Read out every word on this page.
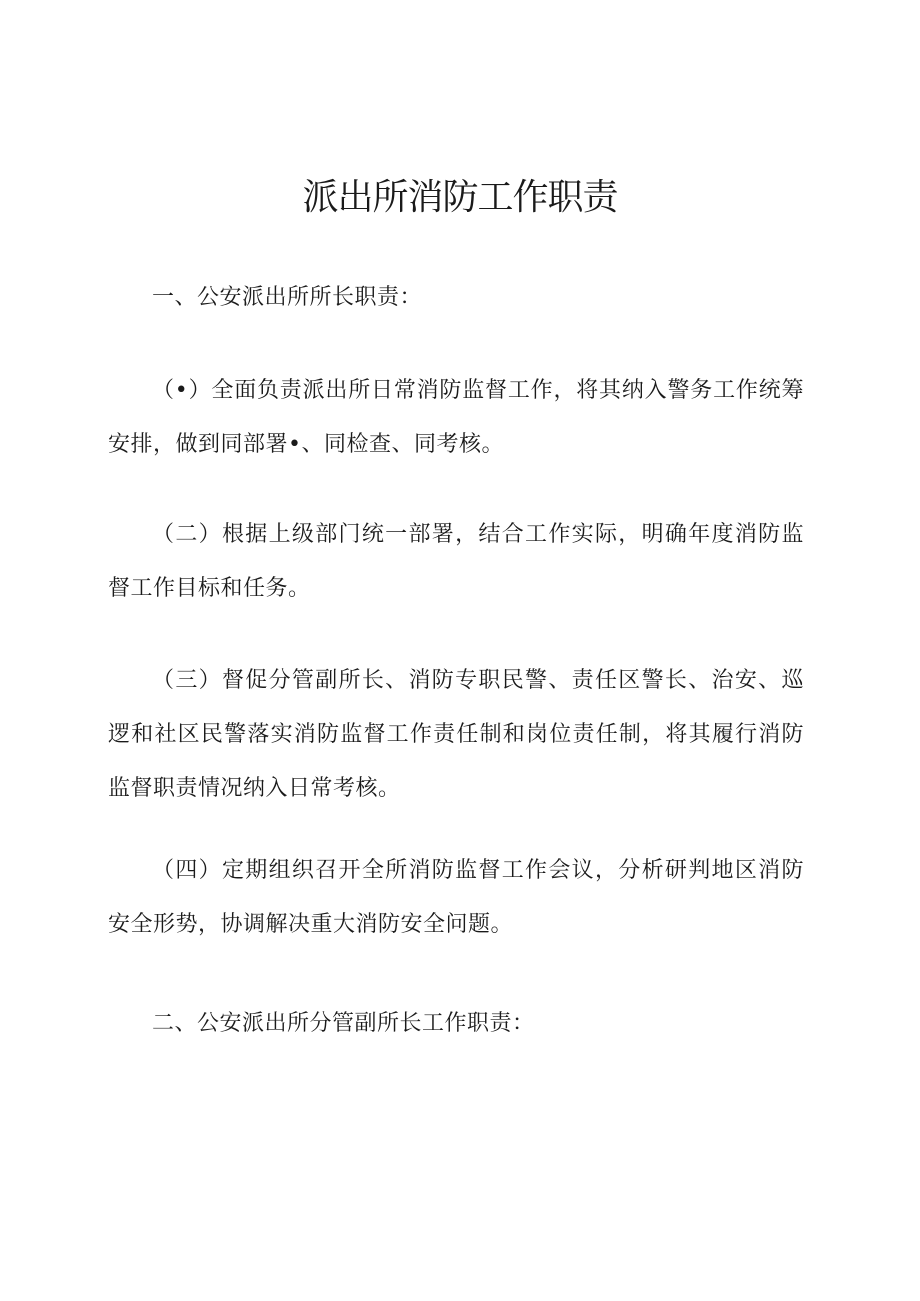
派出所消防工作职责

一、公安派出所所长职责：

（•）全面负责派出所日常消防监督工作，将其纳入警务工作统筹安排，做到同部署•、同检查、同考核。

（二）根据上级部门统一部署，结合工作实际，明确年度消防监督工作目标和任务。

（三）督促分管副所长、消防专职民警、责任区警长、治安、巡逻和社区民警落实消防监督工作责任制和岗位责任制，将其履行消防监督职责情况纳入日常考核。

（四）定期组织召开全所消防监督工作会议，分析研判地区消防安全形势，协调解决重大消防安全问题。

二、公安派出所分管副所长工作职责：
